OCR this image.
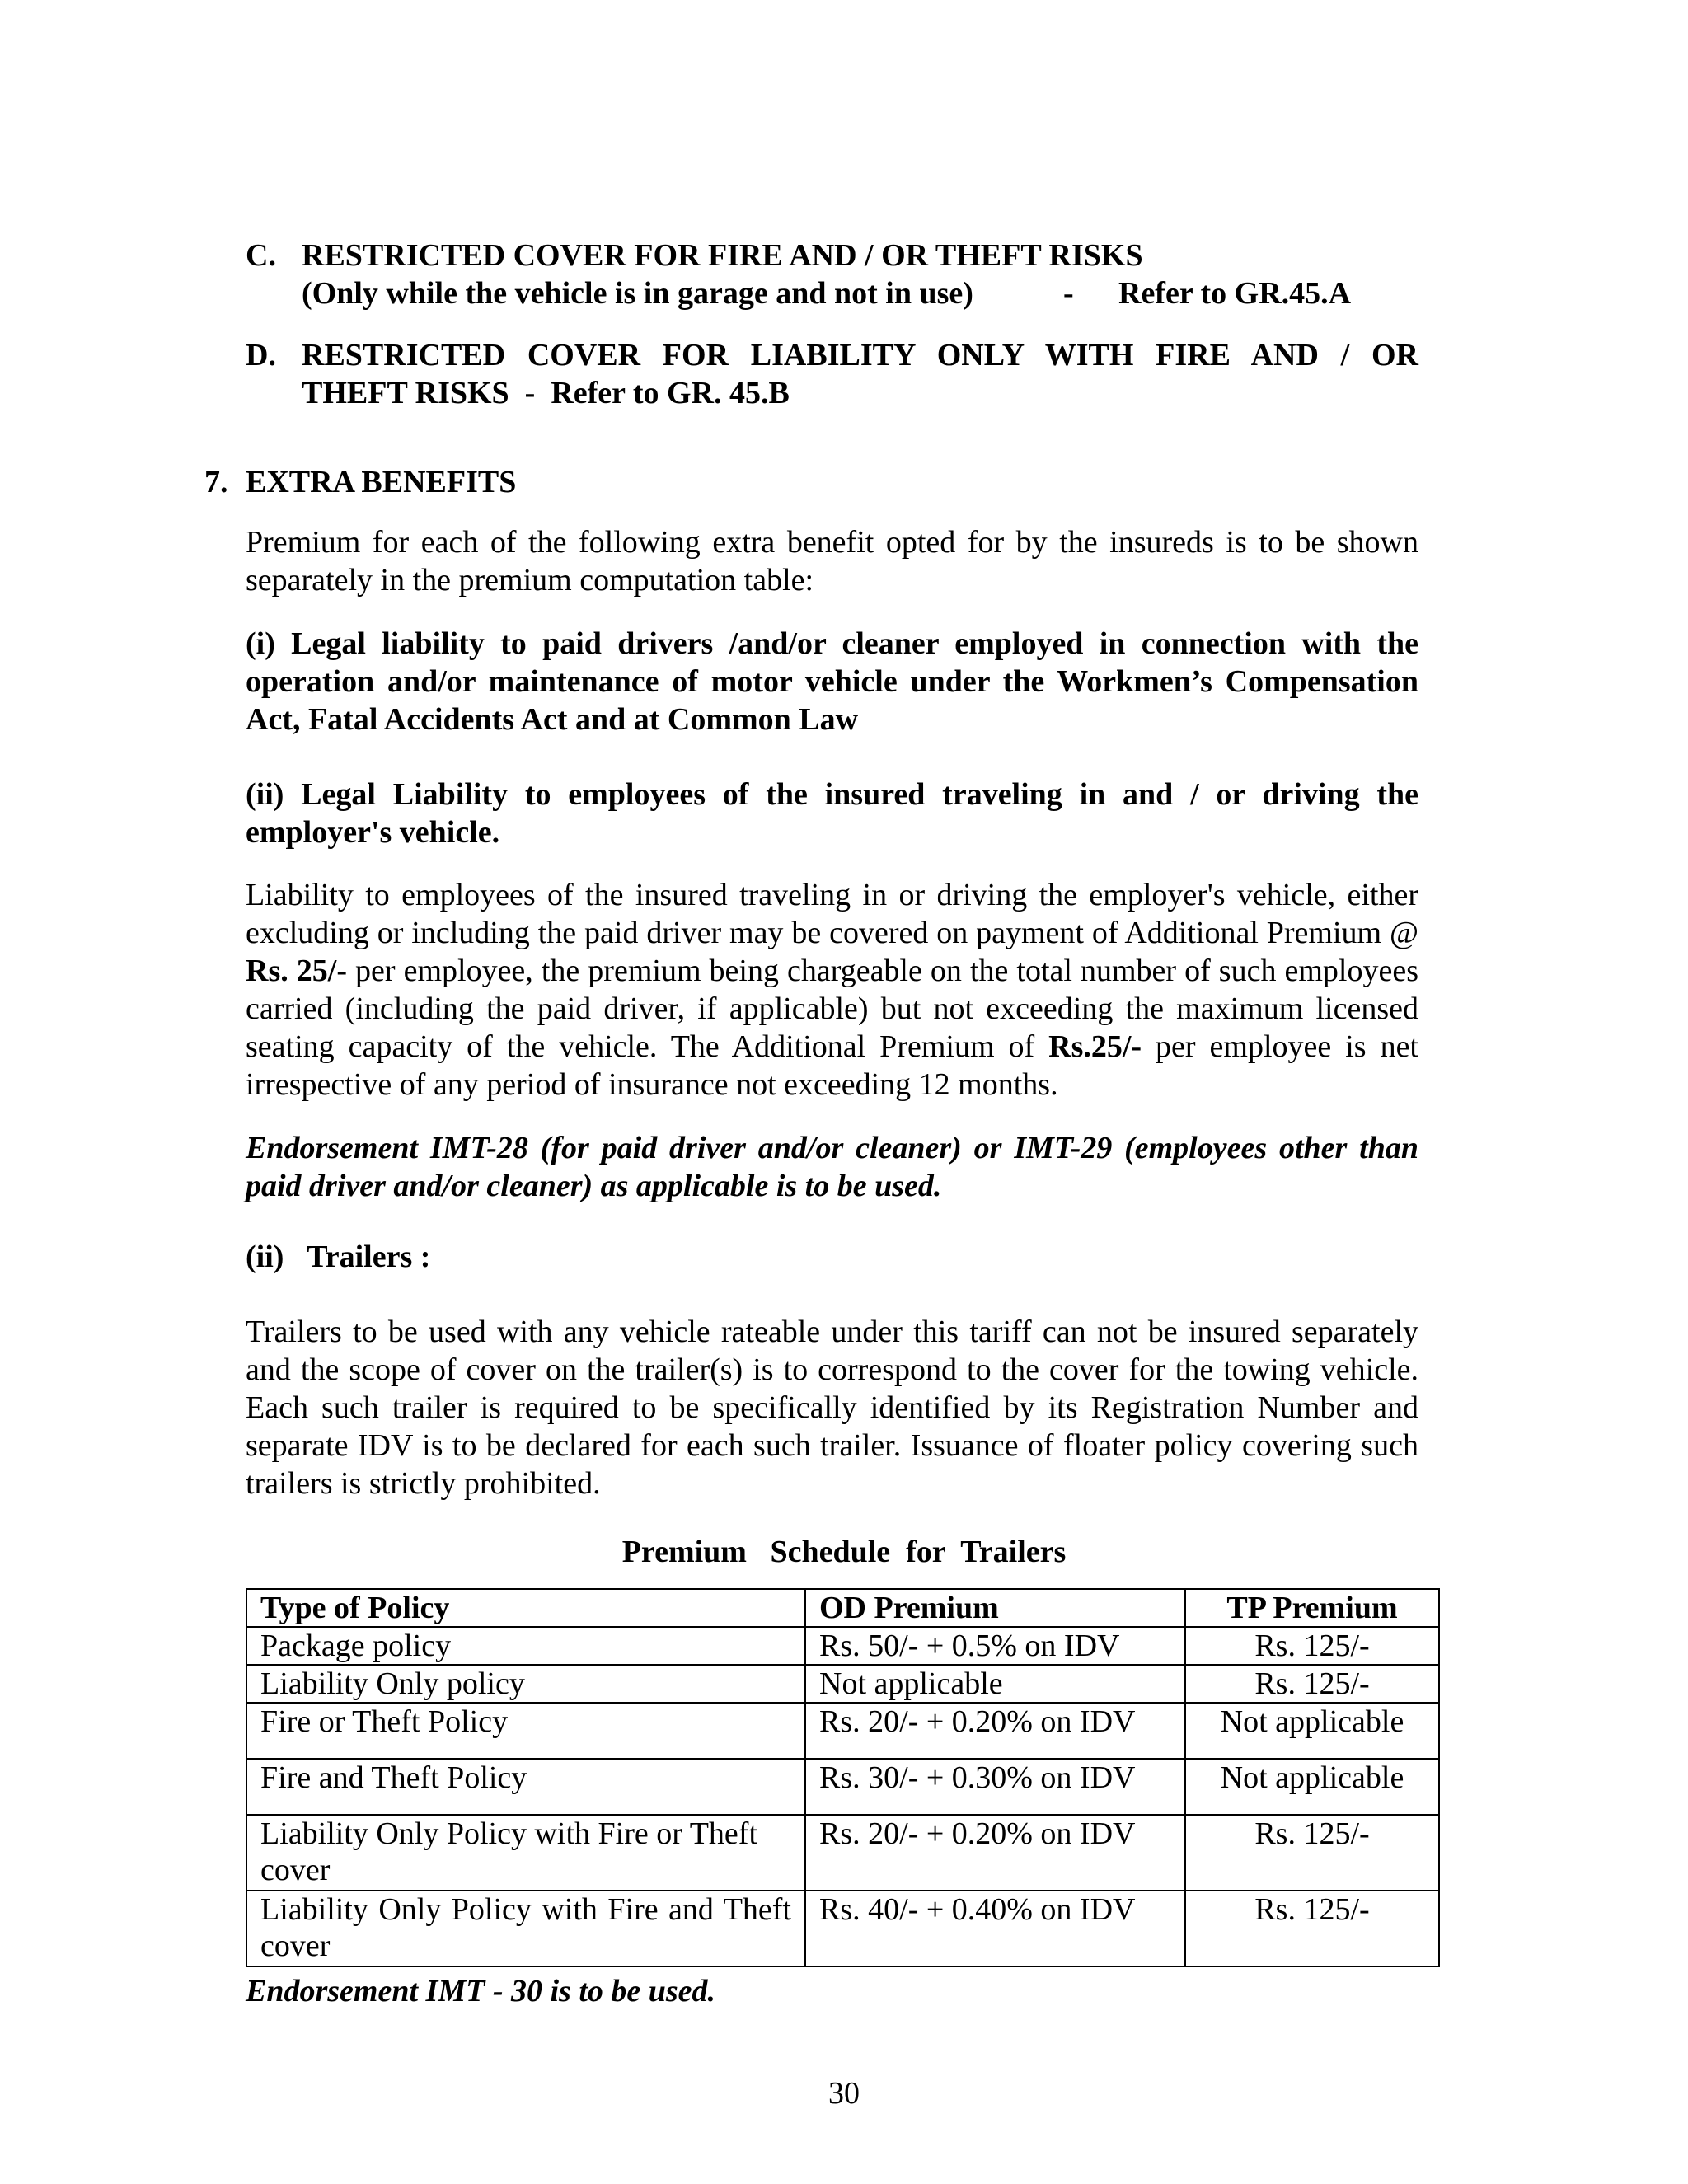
C. RESTRICTED COVER FOR FIRE AND / OR THEFT RISKS
(Only while the vehicle is in garage and not in use)	- Refer to GR.45.A
D. RESTRICTED COVER FOR LIABILITY ONLY WITH FIRE AND / OR
THEFT RISKS  -  Refer to GR. 45.B
7. EXTRA BENEFITS
Premium for each of the following extra benefit opted for by the insureds is to be shown separately in the premium computation table:
(i) Legal liability to paid drivers /and/or cleaner employed in connection with the operation and/or maintenance of motor vehicle under the Workmen’s Compensation Act, Fatal Accidents Act and at Common Law
(ii) Legal Liability to employees of the insured traveling in and / or driving the employer's vehicle.
Liability to employees of the insured traveling in or driving the employer's vehicle, either excluding or including the paid driver may be covered on payment of Additional Premium @ Rs. 25/- per employee, the premium being chargeable on the total number of such employees carried (including the paid driver, if applicable) but not exceeding the maximum licensed seating capacity of the vehicle. The Additional Premium of Rs.25/- per employee is net irrespective of any period of insurance not exceeding 12 months.
Endorsement IMT-28 (for paid driver and/or cleaner) or IMT-29 (employees other than paid driver and/or cleaner) as applicable is to be used.
(ii)   Trailers :
Trailers to be used with any vehicle rateable under this tariff can not be insured separately and the scope of cover on the trailer(s) is to correspond to the cover for the towing vehicle. Each such trailer is required to be specifically identified by its Registration Number and separate IDV is to be declared for each such trailer. Issuance of floater policy covering such trailers is strictly prohibited.
Premium   Schedule  for  Trailers
Type of Policy	OD Premium	TP Premium
Package policy	Rs. 50/- + 0.5% on IDV	Rs. 125/-
Liability Only policy	Not applicable	Rs. 125/-
Fire or Theft Policy	Rs. 20/- + 0.20% on IDV	Not applicable
Fire and Theft Policy	Rs. 30/- + 0.30% on IDV	Not applicable
Liability Only Policy with Fire or Theft cover	Rs. 20/- + 0.20% on IDV	Rs. 125/-
Liability Only Policy with Fire and Theft cover	Rs. 40/- + 0.40% on IDV	Rs. 125/-
Endorsement IMT - 30 is to be used.
30
